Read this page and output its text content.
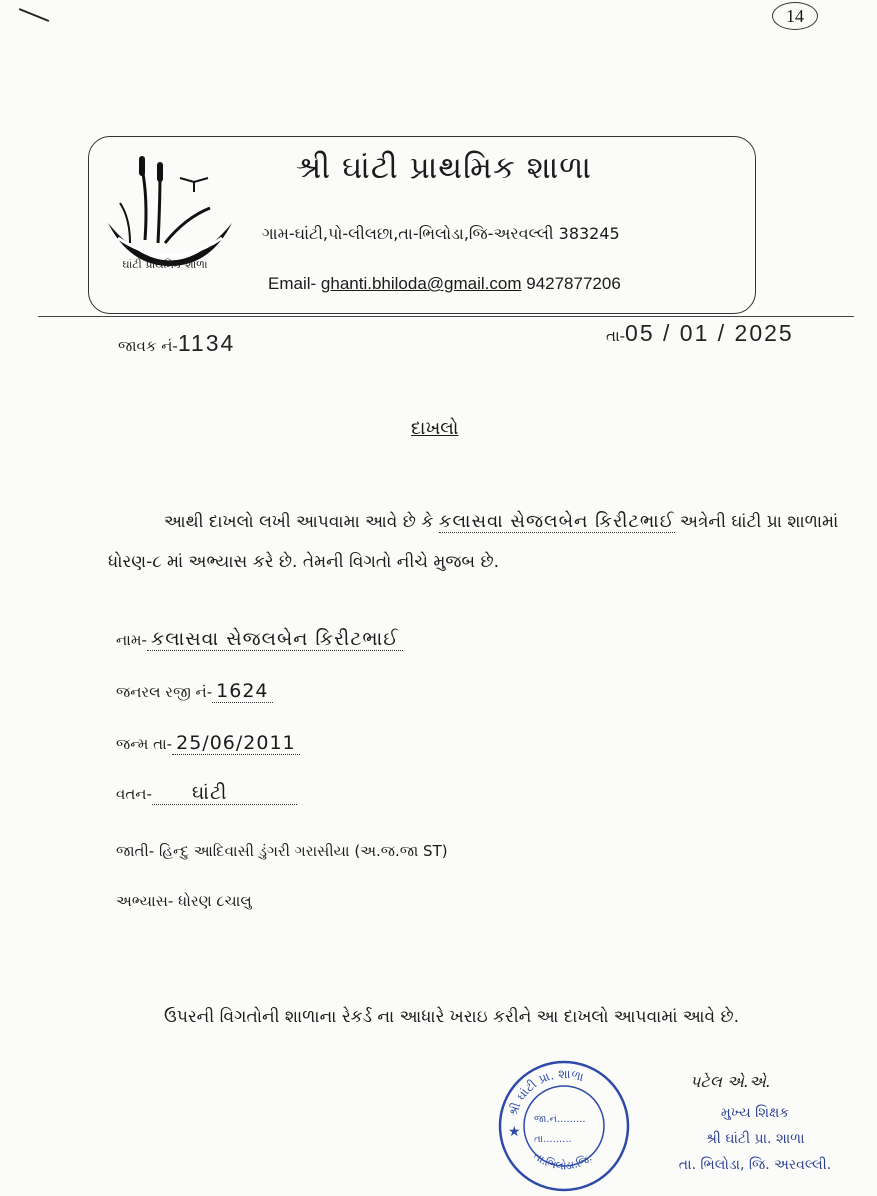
14
ઘાંટી પ્રાથમિક શાળા
શ્રી ઘાંટી પ્રાથમિક શાળા
ગામ-ઘાંટી,પો-લીલછા,તા-ભિલોડા,જિ-અરવલ્લી 383245
Email- ghanti.bhiloda@gmail.com 9427877206
જાવક નં-1134	તા-05 / 01 / 2025
દાખલો
આથી દાખલો લખી આપવામા આવે છે કે કલાસવા સેજલબેન કિરીટભાઈ અત્રેની ઘાંટી પ્રા શાળામાં ધોરણ-૮ માં અભ્યાસ કરે છે. તેમની વિગતો નીચે મુજબ છે.
નામ- કલાસવા સેજલબેન કિરીટભાઈ
જનરલ રજી નં- 1624
જન્મ તા- 25/06/2011
વતન- ઘાંટી
જાતી- હિન્દુ આદિવાસી ડુંગરી ગરાસીયા (અ.જ.જા ST)
અભ્યાસ- ધોરણ ૮ચાલુ
ઉપરની વિગતોની શાળાના રેકર્ડ ના આધારે ખરાઇ કરીને આ દાખલો આપવામાં આવે છે.
શ્રી ઘાંટી પ્રા. શાળા
તા.ભિલોડા.જિ.
જા.નં.........
તા.........
★
પટેલ એ.એ.
મુખ્ય શિક્ષક
શ્રી ઘાંટી પ્રા. શાળા
તા. ભિલોડા, જિ. અરવલ્લી.
